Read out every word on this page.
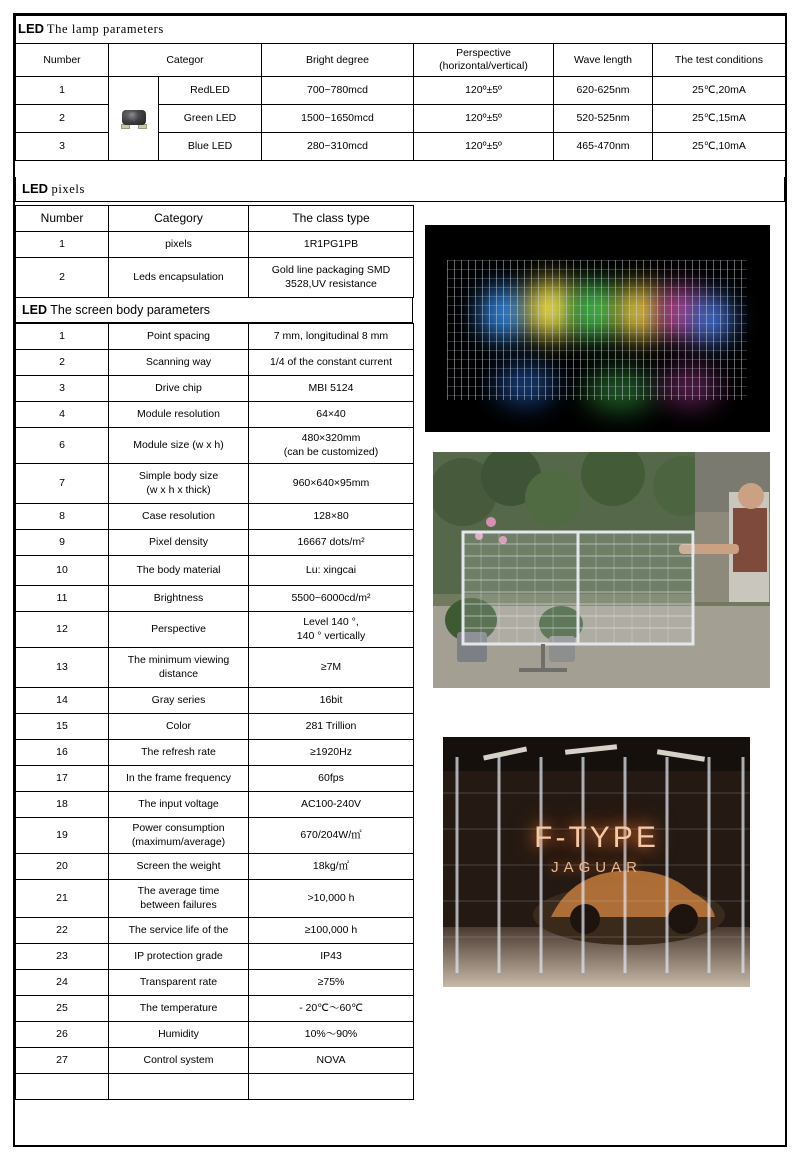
LED The lamp parameters						
Number	Categor		Bright degree	Perspective
(horizontal/vertical)	Wave length	The test conditions
1		RedLED	700~780mcd	120º±5º	620-625nm	25℃,20mA
2		Green LED	1500~1650mcd	120º±5º	520-525nm	25℃,15mA
3		Blue LED	280~310mcd	120º±5º	465-470nm	25℃,10mA
LED pixels
Number	Category	The class type
1	pixels	1R1PG1PB
2	Leds encapsulation	Gold line packaging SMD
3528,UV resistance
LED The screen body parameters
1	Point spacing	7 mm, longitudinal 8 mm
2	Scanning way	1/4 of the constant current
3	Drive chip	MBI 5124
4	Module resolution	64×40
6	Module size (w x h)	480×320mm
(can be customized)

7	Simple body size
(w x h x thick)	960×640×95mm
8	Case resolution	128×80
9	Pixel density	16667 dots/m²
10	The body material	Lu: xingcai
11	Brightness	5500~6000cd/m²
12	Perspective	Level 140 °,
140 ° vertically

13	The minimum viewing
distance	≥7M
14	Gray series	16bit
15	Color	281 Trillion
16	The refresh rate	≥1920Hz
17	In the frame frequency	60fps
18	The input voltage	AC100-240V
19	Power consumption
(maximum/average)	670/204W/㎡
20	Screen the weight	18kg/㎡
21	The average time
between failures	>10,000 h
22	The service life of the	≥100,000 h
23	IP protection grade	IP43
24	Transparent rate	≥75%
25	The temperature	- 20℃～60℃
26	Humidity	10%～90%
27	Control system	NOVA

F-TYPE
JAGUAR
